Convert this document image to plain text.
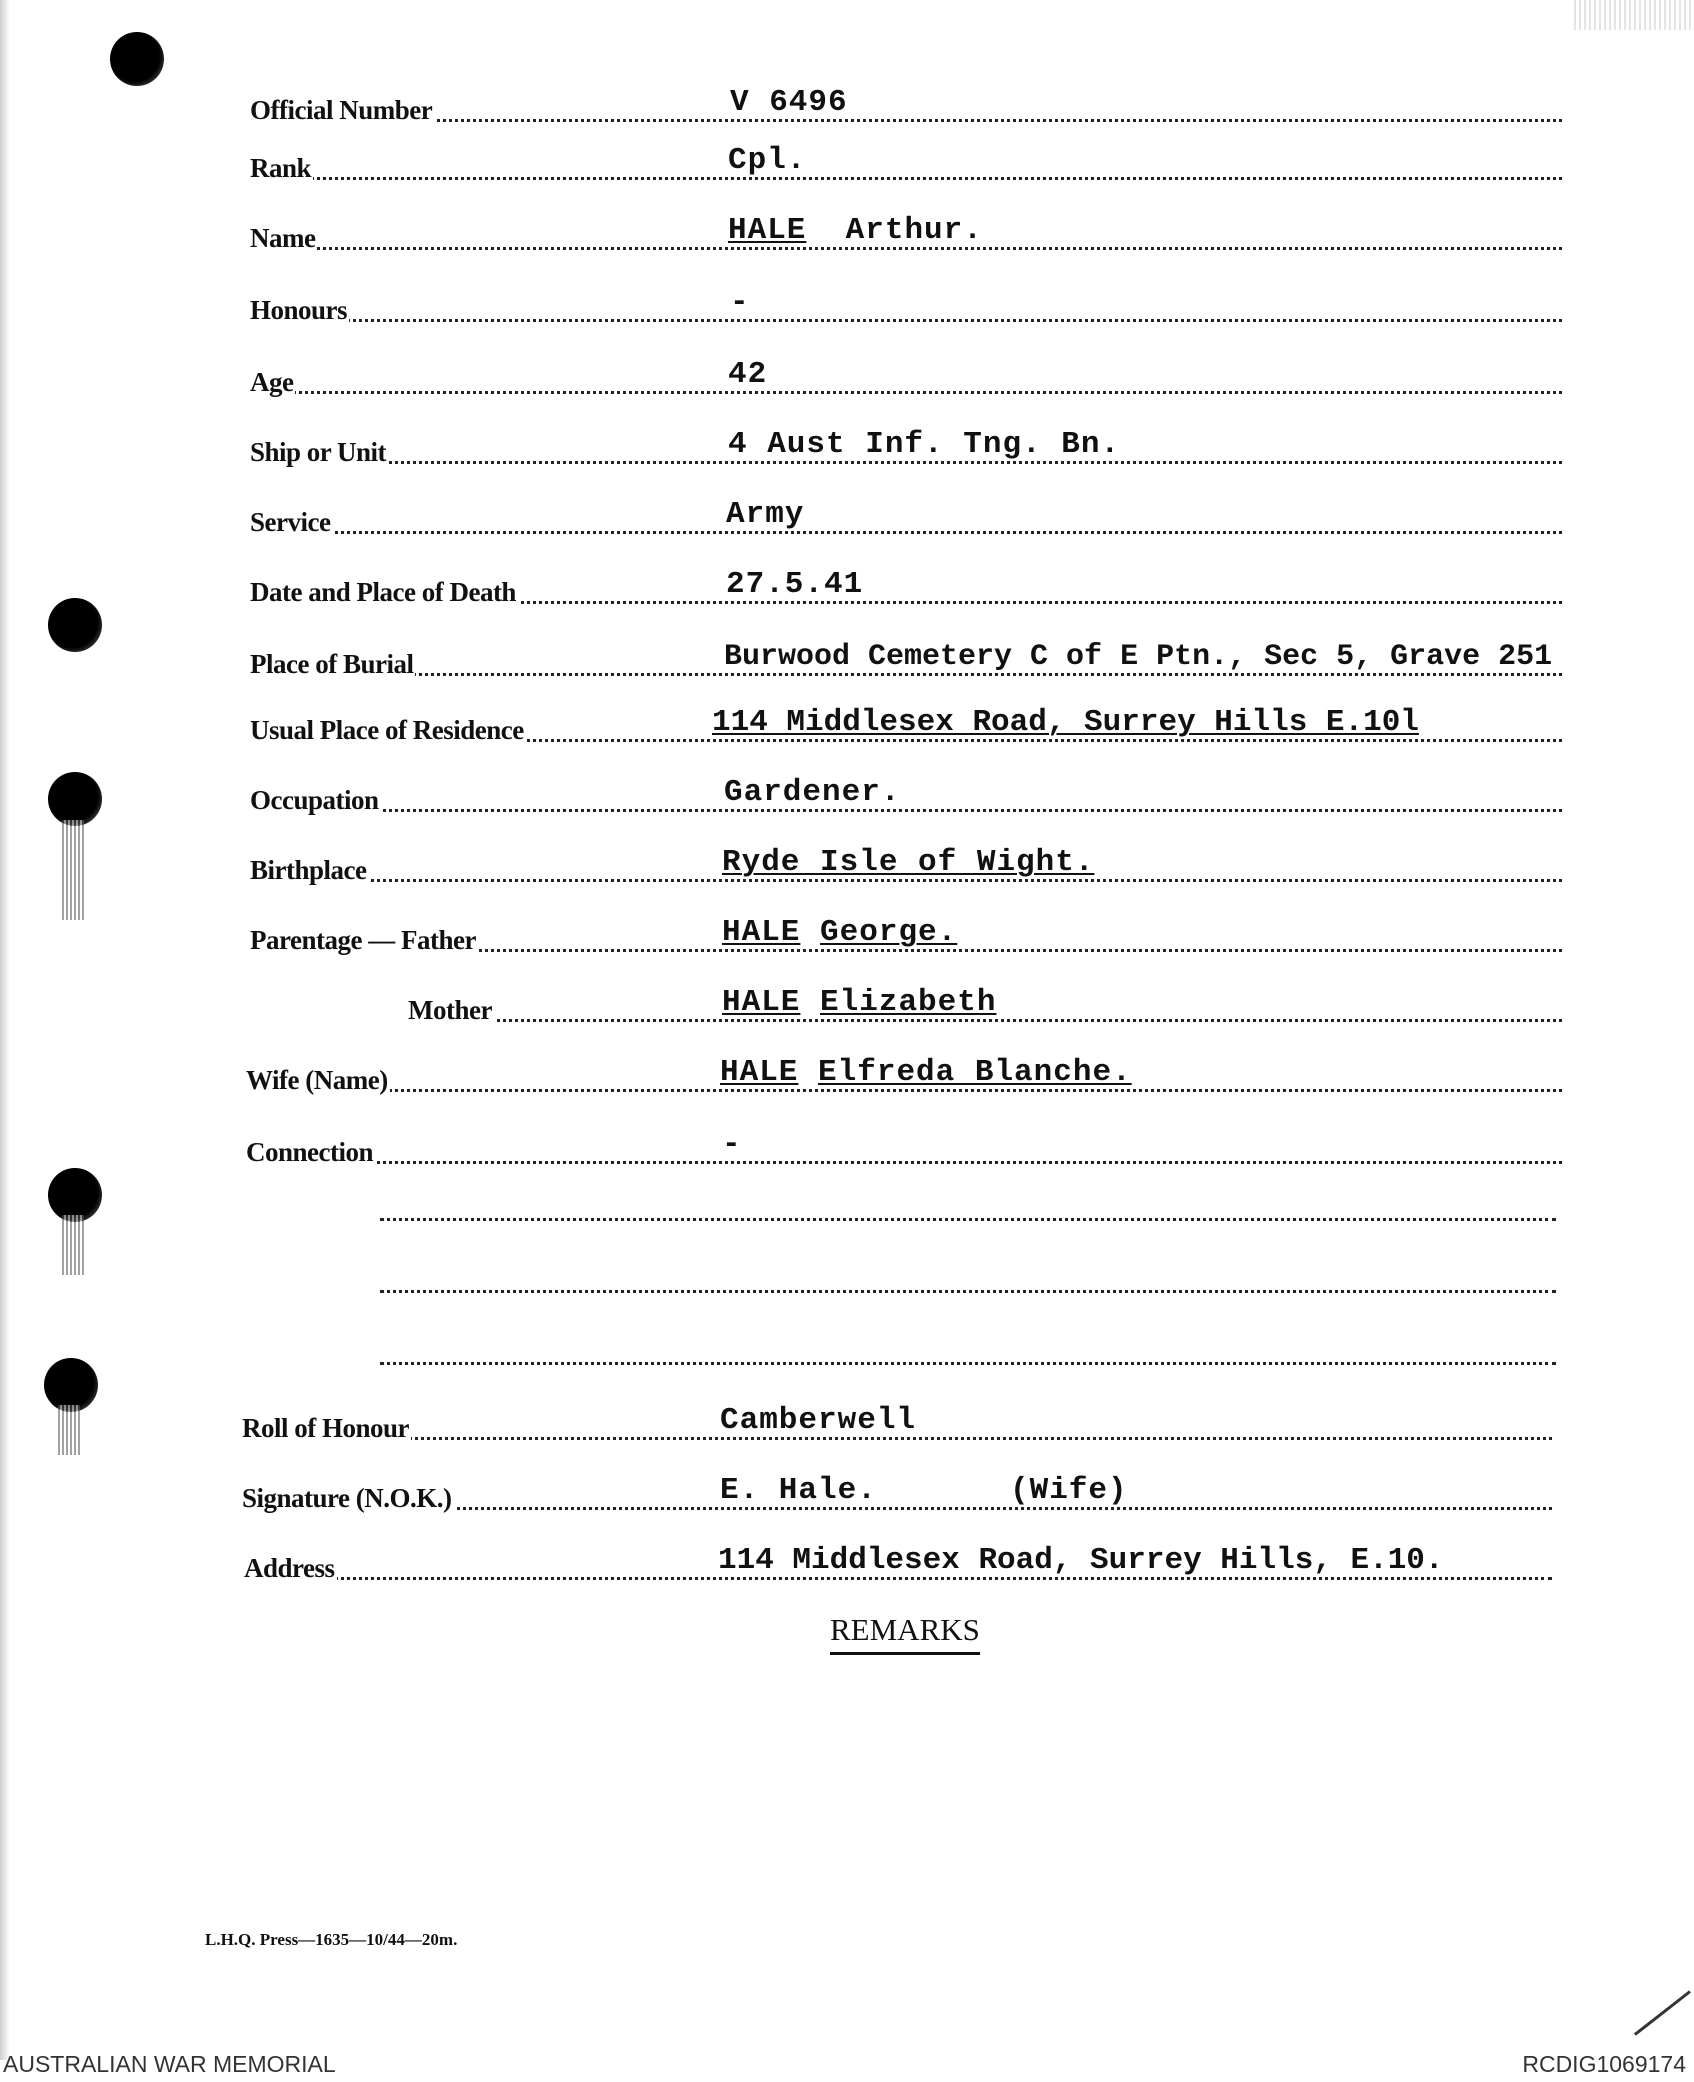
Official Number	V 6496
Rank	Cpl.
Name	HALE Arthur.
Honours	-
Age	42
Ship or Unit	4 Aust Inf. Tng. Bn.
Service	Army
Date and Place of Death	27.5.41
Place of Burial	Burwood Cemetery C of E Ptn., Sec 5, Grave 251
Usual Place of Residence	114 Middlesex Road, Surrey Hills E.10l
Occupation	Gardener.
Birthplace	Ryde Isle of Wight.
Parentage — Father	HALE George.
Mother	HALE Elizabeth
Wife (Name)	HALE Elfreda Blanche.
Connection	-
Roll of Honour	Camberwell
Signature (N.O.K.)	E. Hale.	(Wife)
Address	114 Middlesex Road, Surrey Hills, E.10.
REMARKS
L.H.Q. Press—1635—10/44—20m.
AUSTRALIAN WAR MEMORIAL	RCDIG1069174
